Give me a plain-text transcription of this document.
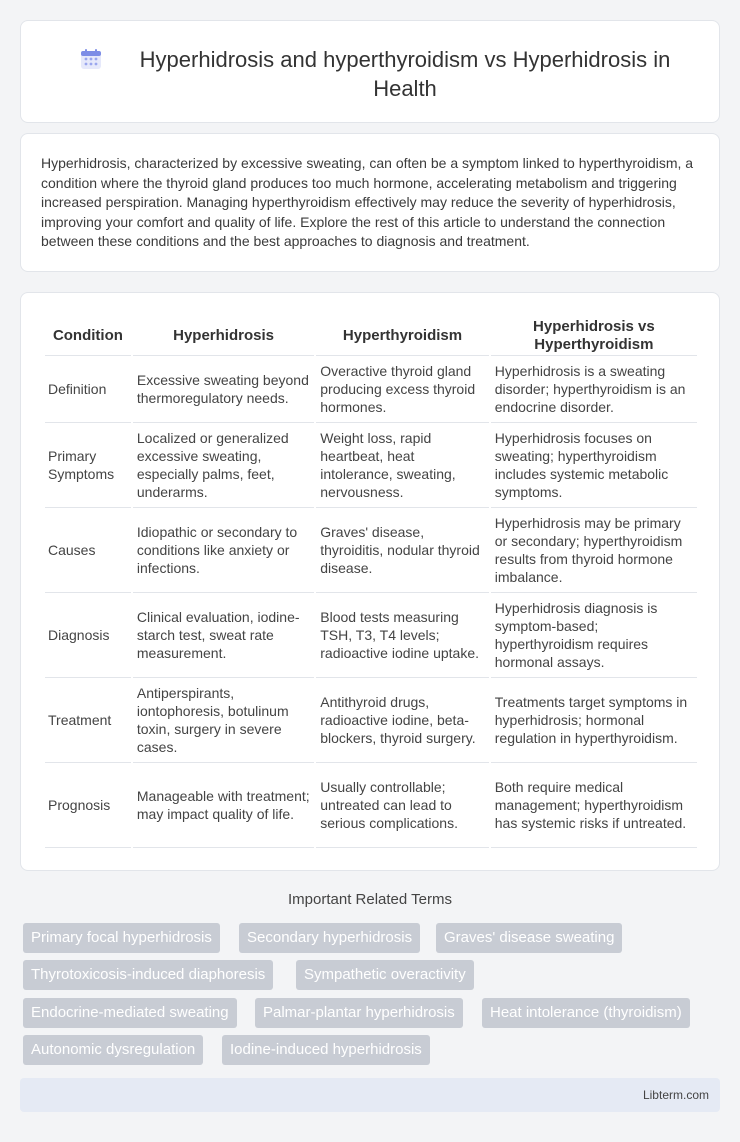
Hyperhidrosis and hyperthyroidism vs Hyperhidrosis in Health

Hyperhidrosis, characterized by excessive sweating, can often be a symptom linked to hyperthyroidism, a condition where the thyroid gland produces too much hormone, accelerating metabolism and triggering increased perspiration. Managing hyperthyroidism effectively may reduce the severity of hyperhidrosis, improving your comfort and quality of life. Explore the rest of this article to understand the connection between these conditions and the best approaches to diagnosis and treatment.

Condition	Hyperhidrosis	Hyperthyroidism	Hyperhidrosis vs Hyperthyroidism
Definition	Excessive sweating beyond thermoregulatory needs.	Overactive thyroid gland producing excess thyroid hormones.	Hyperhidrosis is a sweating disorder; hyperthyroidism is an endocrine disorder.
Primary Symptoms	Localized or generalized excessive sweating, especially palms, feet, underarms.	Weight loss, rapid heartbeat, heat intolerance, sweating, nervousness.	Hyperhidrosis focuses on sweating; hyperthyroidism includes systemic metabolic symptoms.
Causes	Idiopathic or secondary to conditions like anxiety or infections.	Graves' disease, thyroiditis, nodular thyroid disease.	Hyperhidrosis may be primary or secondary; hyperthyroidism results from thyroid hormone imbalance.
Diagnosis	Clinical evaluation, iodine-starch test, sweat rate measurement.	Blood tests measuring TSH, T3, T4 levels; radioactive iodine uptake.	Hyperhidrosis diagnosis is symptom-based; hyperthyroidism requires hormonal assays.
Treatment	Antiperspirants, iontophoresis, botulinum toxin, surgery in severe cases.	Antithyroid drugs, radioactive iodine, beta-blockers, thyroid surgery.	Treatments target symptoms in hyperhidrosis; hormonal regulation in hyperthyroidism.
Prognosis	Manageable with treatment; may impact quality of life.	Usually controllable; untreated can lead to serious complications.	Both require medical management; hyperthyroidism has systemic risks if untreated.
Important Related Terms
Primary focal hyperhidrosis	Secondary hyperhidrosis	Graves' disease sweating
Thyrotoxicosis-induced diaphoresis	Sympathetic overactivity
Endocrine-mediated sweating	Palmar-plantar hyperhidrosis	Heat intolerance (thyroidism)
Autonomic dysregulation	Iodine-induced hyperhidrosis
Libterm.com
